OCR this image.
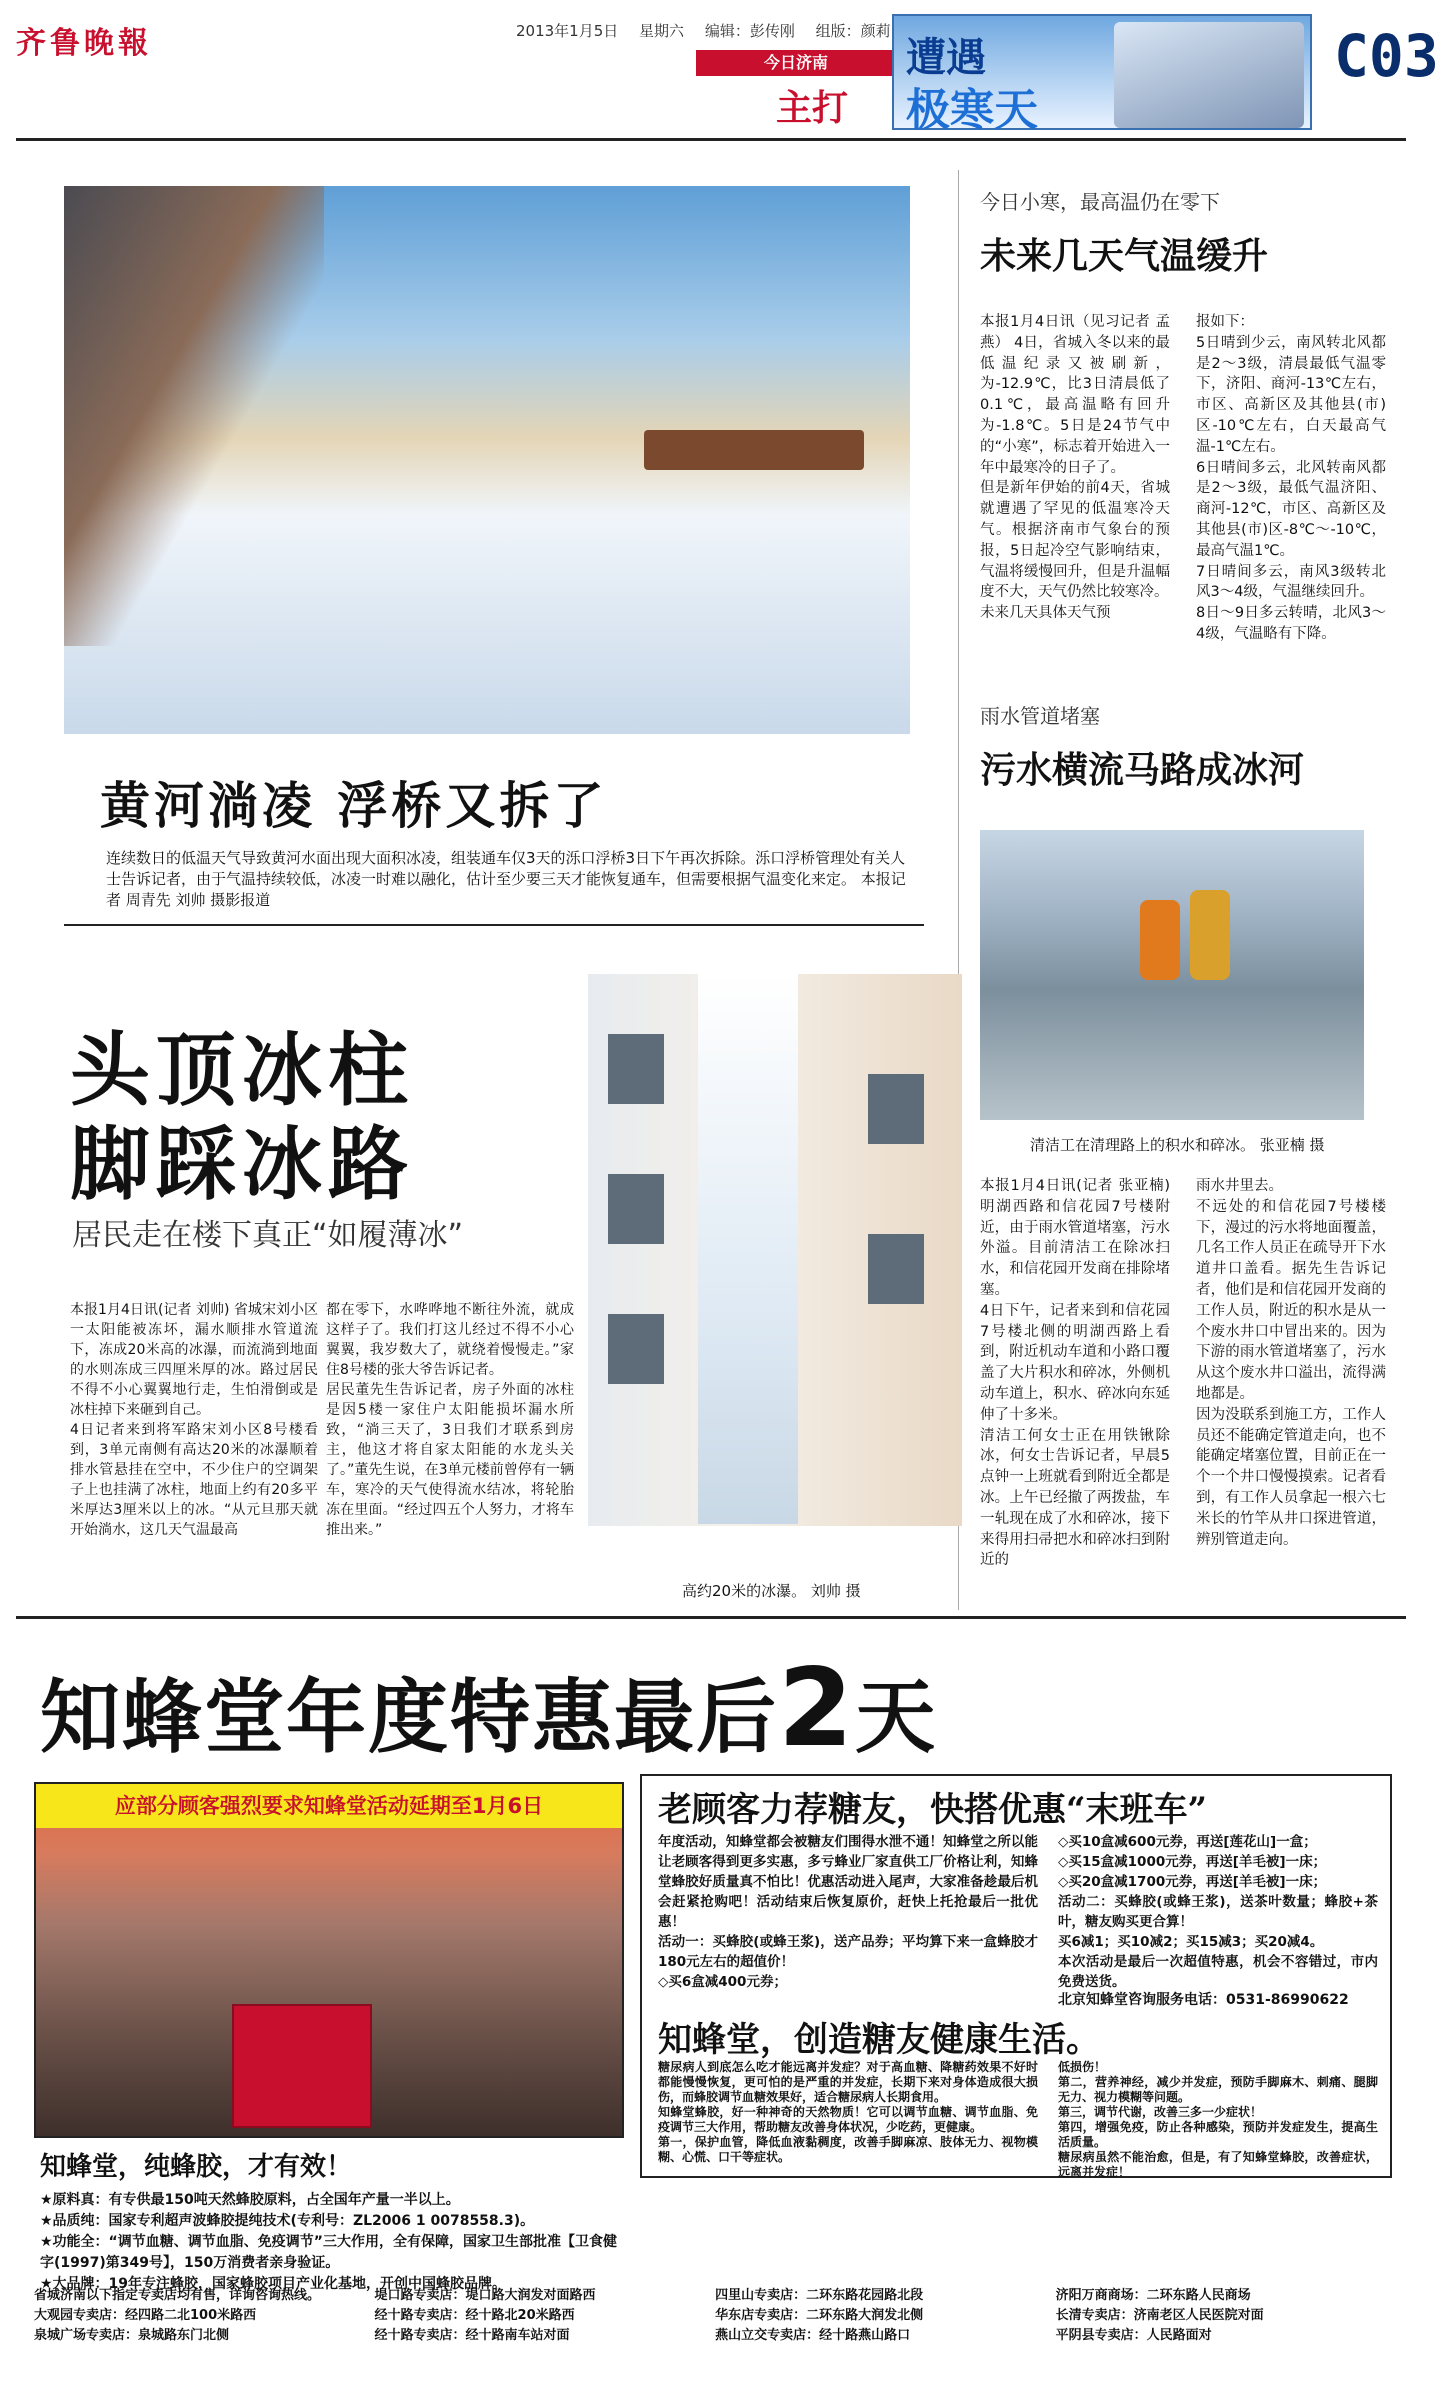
齐鲁晚報	2013年1月5日 星期六 编辑：彭传刚 组版：颜莉
今日济南
主打
遭遇
极寒天
C03
黄河淌凌 浮桥又拆了
连续数日的低温天气导致黄河水面出现大面积冰凌，组装通车仅3天的泺口浮桥3日下午再次拆除。泺口浮桥管理处有关人士告诉记者，由于气温持续较低，冰凌一时难以融化，估计至少要三天才能恢复通车，但需要根据气温变化来定。 本报记者 周青先 刘帅 摄影报道
今日小寒，最高温仍在零下
未来几天气温缓升
本报1月4日讯（见习记者 孟燕） 4日，省城入冬以来的最低温纪录又被刷新，为-12.9℃，比3日清晨低了0.1℃，最高温略有回升为-1.8℃。5日是24节气中的“小寒”，标志着开始进入一年中最寒冷的日子了。
但是新年伊始的前4天，省城就遭遇了罕见的低温寒冷天气。根据济南市气象台的预报，5日起冷空气影响结束，气温将缓慢回升，但是升温幅度不大，天气仍然比较寒冷。
未来几天具体天气预
报如下：
5日晴到少云，南风转北风都是2～3级，清晨最低气温零下，济阳、商河-13℃左右，市区、高新区及其他县(市)区-10℃左右，白天最高气温-1℃左右。
6日晴间多云，北风转南风都是2～3级，最低气温济阳、商河-12℃，市区、高新区及其他县(市)区-8℃～-10℃，最高气温1℃。
7日晴间多云，南风3级转北风3～4级，气温继续回升。
8日～9日多云转晴，北风3～4级，气温略有下降。
雨水管道堵塞
污水横流马路成冰河
清洁工在清理路上的积水和碎冰。 张亚楠 摄
本报1月4日讯(记者 张亚楠) 明湖西路和信花园7号楼附近，由于雨水管道堵塞，污水外溢。目前清洁工在除冰扫水，和信花园开发商在排除堵塞。
4日下午，记者来到和信花园7号楼北侧的明湖西路上看到，附近机动车道和小路口覆盖了大片积水和碎冰，外侧机动车道上，积水、碎冰向东延伸了十多米。
清洁工何女士正在用铁锹除冰，何女士告诉记者，早晨5点钟一上班就看到附近全都是冰。上午已经撤了两拨盐，车一轧现在成了水和碎冰，接下来得用扫帚把水和碎冰扫到附近的
雨水井里去。
不远处的和信花园7号楼楼下，漫过的污水将地面覆盖，几名工作人员正在疏导开下水道井口盖看。据先生告诉记者，他们是和信花园开发商的工作人员，附近的积水是从一个废水井口中冒出来的。因为下游的雨水管道堵塞了，污水从这个废水井口溢出，流得满地都是。
因为没联系到施工方，工作人员还不能确定管道走向，也不能确定堵塞位置，目前正在一个一个井口慢慢摸索。记者看到，有工作人员拿起一根六七米长的竹竿从井口探进管道，辨别管道走向。
头顶冰柱
脚踩冰路
居民走在楼下真正“如履薄冰”
本报1月4日讯(记者 刘帅) 省城宋刘小区一太阳能被冻坏，漏水顺排水管道流下，冻成20米高的冰瀑，而流淌到地面的水则冻成三四厘米厚的冰。路过居民不得不小心翼翼地行走，生怕滑倒或是冰柱掉下来砸到自己。
4日记者来到将军路宋刘小区8号楼看到，3单元南侧有高达20米的冰瀑顺着排水管悬挂在空中，不少住户的空调架子上也挂满了冰柱，地面上约有20多平米厚达3厘米以上的冰。“从元旦那天就开始淌水，这几天气温最高
都在零下，水哗哗地不断往外流，就成这样子了。我们打这儿经过不得不小心翼翼，我岁数大了，就绕着慢慢走。”家住8号楼的张大爷告诉记者。
居民董先生告诉记者，房子外面的冰柱是因5楼一家住户太阳能损坏漏水所致，“淌三天了，3日我们才联系到房主，他这才将自家太阳能的水龙头关了。”董先生说，在3单元楼前曾停有一辆车，寒冷的天气使得流水结冰，将轮胎冻在里面。“经过四五个人努力，才将车推出来。”
高约20米的冰瀑。 刘帅 摄
知蜂堂年度特惠最后2天
应部分顾客强烈要求知蜂堂活动延期至1月6日
知蜂堂，纯蜂胶，才有效！
★原料真：有专供最150吨天然蜂胶原料，占全国年产量一半以上。
★品质纯：国家专利超声波蜂胶提纯技术(专利号：ZL2006 1 0078558.3)。
★功能全：“调节血糖、调节血脂、免疫调节”三大作用，全有保障，国家卫生部批准【卫食健字(1997)第349号】，150万消费者亲身验证。
★大品牌：19年专注蜂胶，国家蜂胶项目产业化基地，开创中国蜂胶品牌。
老顾客力荐糖友，快搭优惠“末班车”
年度活动，知蜂堂都会被糖友们围得水泄不通！知蜂堂之所以能让老顾客得到更多实惠，多亏蜂业厂家直供工厂价格让利，知蜂堂蜂胶好质量真不怕比！优惠活动进入尾声，大家准备趁最后机会赶紧抢购吧！活动结束后恢复原价，赶快上托抢最后一批优惠！
活动一：买蜂胶(或蜂王浆)，送产品券；平均算下来一盒蜂胶才180元左右的超值价！
◇买6盒减400元券；
◇买10盒减600元券，再送[莲花山]一盒；
◇买15盒减1000元券，再送[羊毛被]一床；
◇买20盒减1700元券，再送[羊毛被]一床；
活动二：买蜂胶(或蜂王浆)，送茶叶数量；蜂胶+茶叶，糖友购买更合算！
买6减1；买10减2；买15减3；买20减4。
本次活动是最后一次超值特惠，机会不容错过，市内免费送货。
北京知蜂堂咨询服务电话：0531-86990622
知蜂堂，创造糖友健康生活。
糖尿病人到底怎么吃才能远离并发症？对于高血糖、降糖药效果不好时都能慢慢恢复，更可怕的是严重的并发症，长期下来对身体造成很大损伤，而蜂胶调节血糖效果好，适合糖尿病人长期食用。
知蜂堂蜂胶，好一种神奇的天然物质！它可以调节血糖、调节血脂、免疫调节三大作用，帮助糖友改善身体状况，少吃药，更健康。
第一，保护血管，降低血液黏稠度，改善手脚麻凉、肢体无力、视物模糊、心慌、口干等症状。
低损伤！
第二，营养神经，减少并发症，预防手脚麻木、刺痛、腿脚无力、视力模糊等问题。
第三，调节代谢，改善三多一少症状！
第四，增强免疫，防止各种感染，预防并发症发生，提高生活质量。
糖尿病虽然不能治愈，但是，有了知蜂堂蜂胶，改善症状，远离并发症！
省城济南以下指定专卖店均有售，详询咨询热线。
大观园专卖店：经四路二北100米路西
泉城广场专卖店：泉城路东门北侧 堤口路专卖店：堤口路大润发对面路西
经十路专卖店：经十路北20米路西
经十路专卖店：经十路南车站对面 四里山专卖店：二环东路花园路北段
华东店专卖店：二环东路大润发北侧
燕山立交专卖店：经十路燕山路口 济阳万商商场：二环东路人民商场
长清专卖店：济南老区人民医院对面
平阴县专卖店：人民路面对
